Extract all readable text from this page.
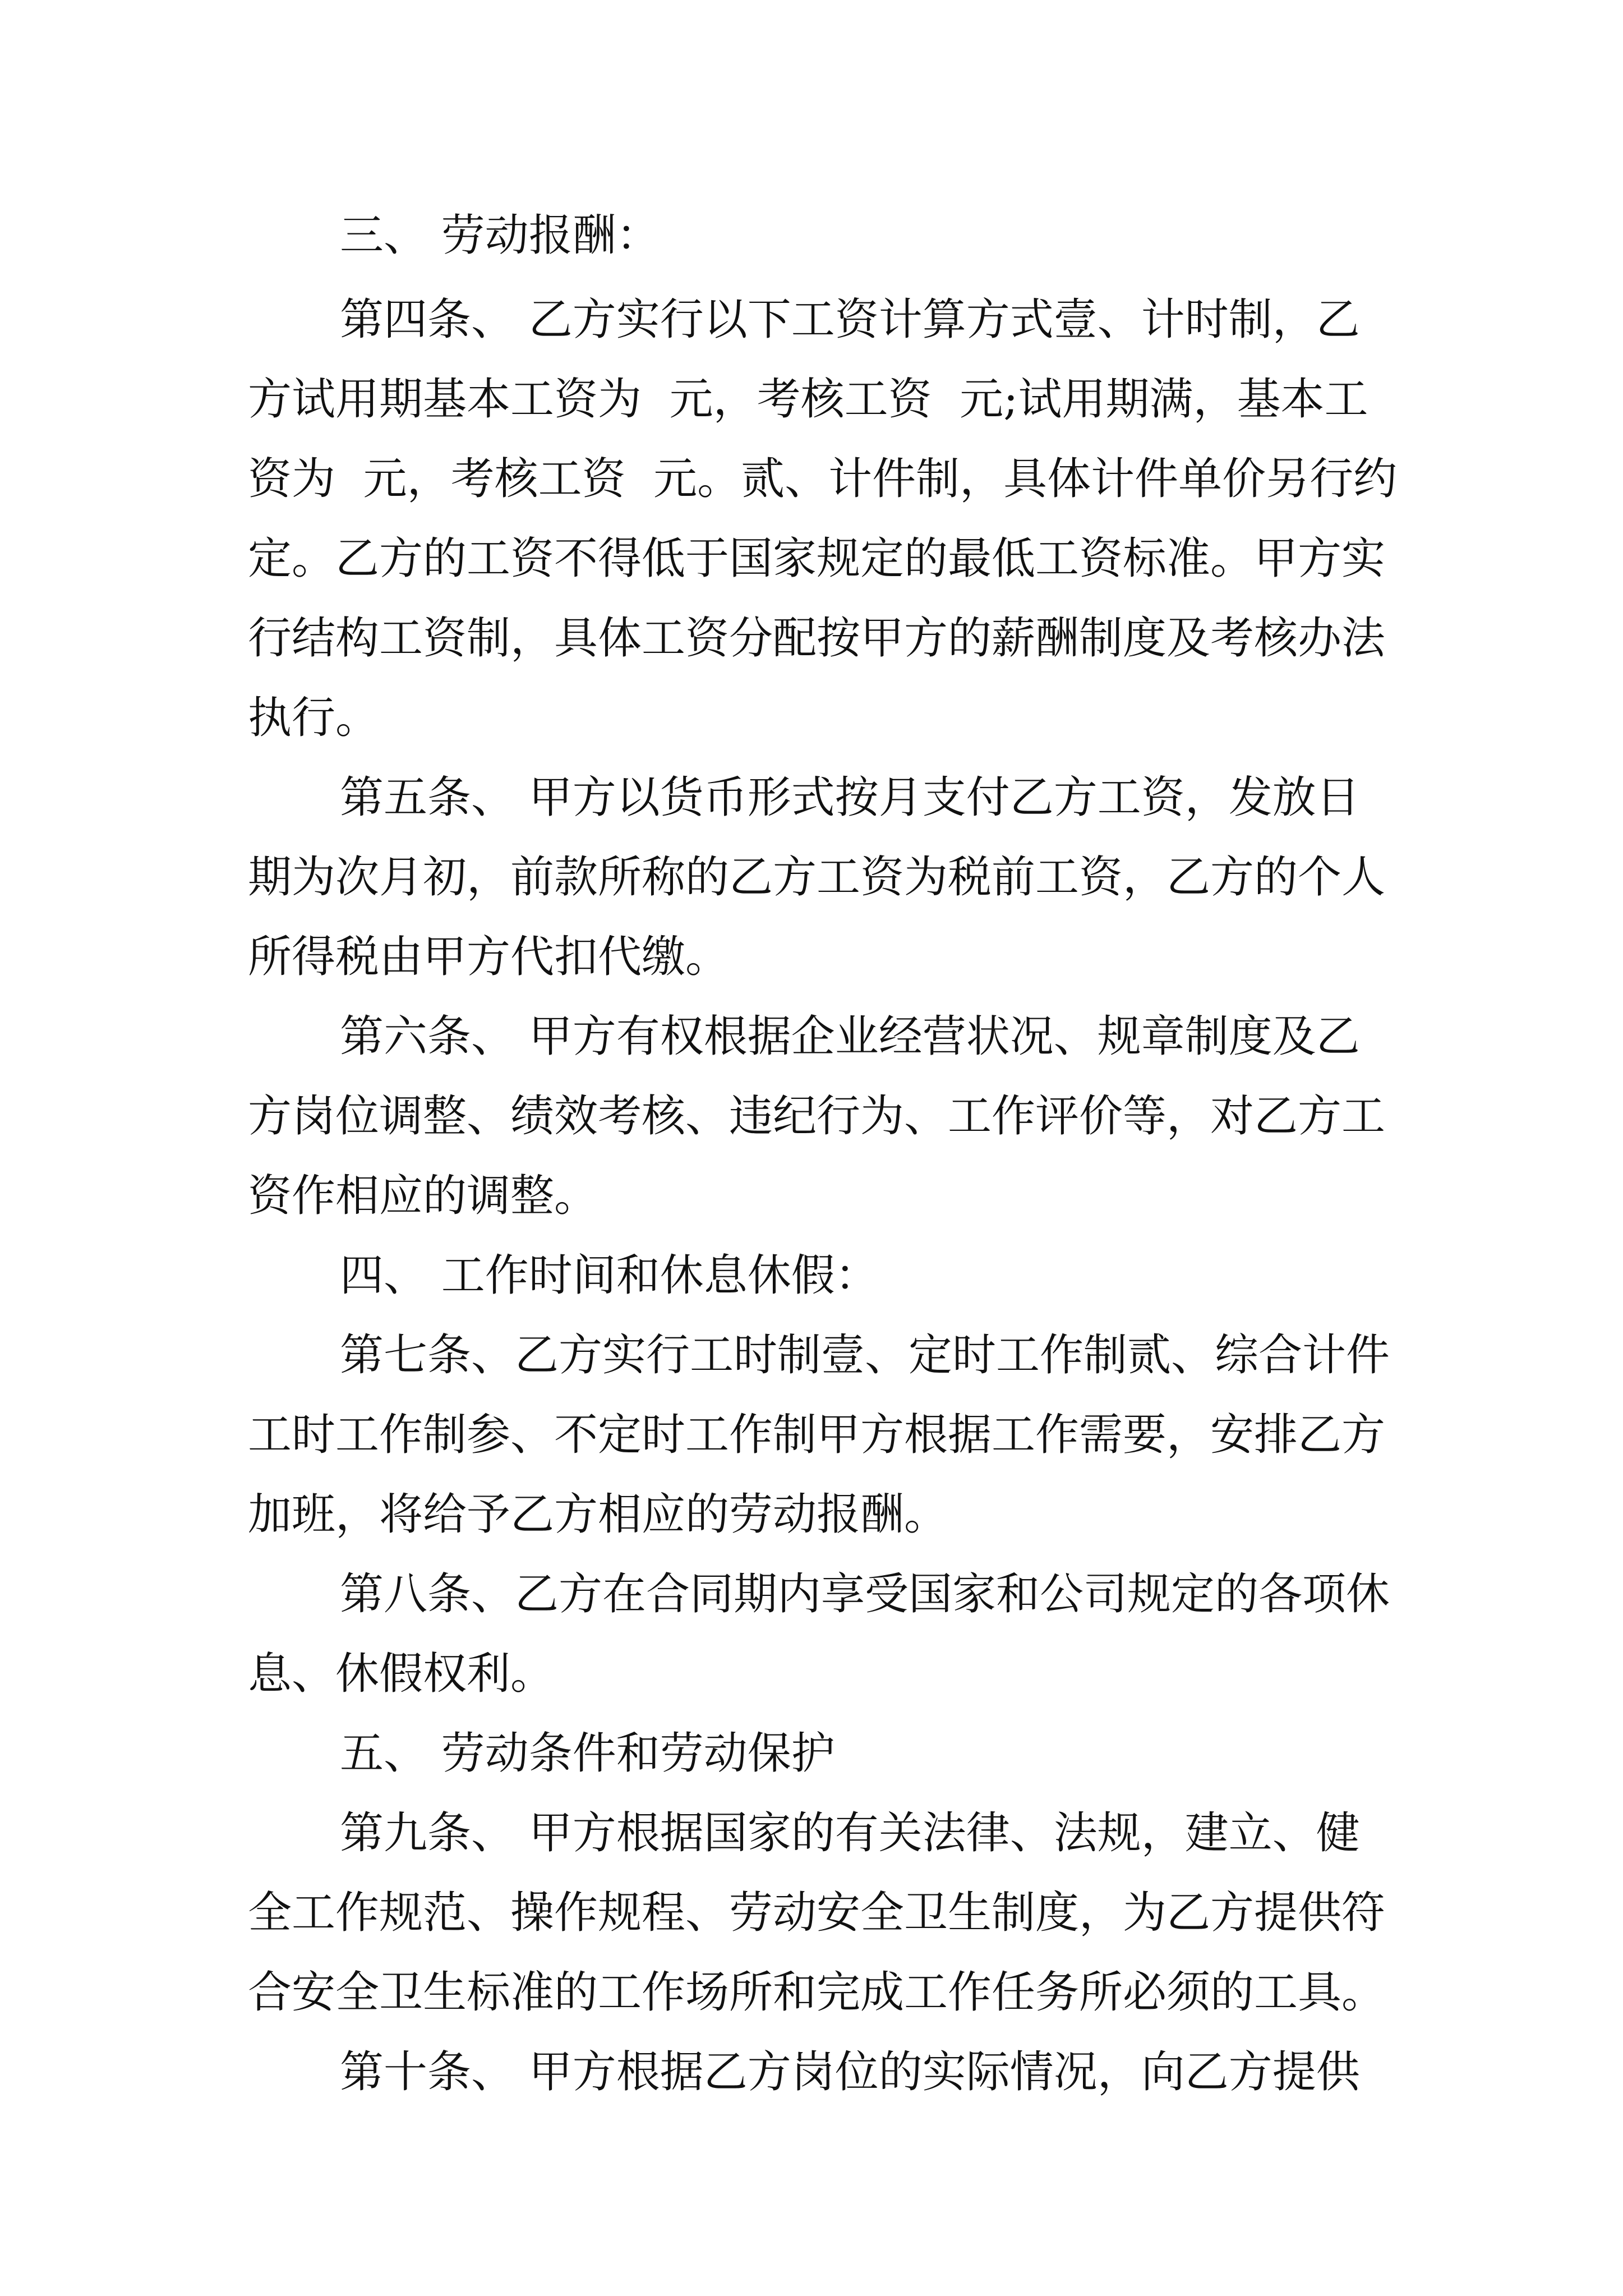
三、 劳动报酬：
第四条、 乙方实行以下工资计算方式壹、计时制，乙
方试用期基本工资为  元，考核工资  元;试用期满，基本工
资为  元，考核工资  元。贰、计件制，具体计件单价另行约
定。乙方的工资不得低于国家规定的最低工资标准。甲方实
行结构工资制，具体工资分配按甲方的薪酬制度及考核办法
执行。
第五条、 甲方以货币形式按月支付乙方工资，发放日
期为次月初，前款所称的乙方工资为税前工资，乙方的个人
所得税由甲方代扣代缴。
第六条、 甲方有权根据企业经营状况、规章制度及乙
方岗位调整、绩效考核、违纪行为、工作评价等，对乙方工
资作相应的调整。
四、 工作时间和休息休假：
第七条、乙方实行工时制壹、定时工作制贰、综合计件
工时工作制参、不定时工作制甲方根据工作需要，安排乙方
加班，将给予乙方相应的劳动报酬。
第八条、乙方在合同期内享受国家和公司规定的各项休
息、休假权利。
五、 劳动条件和劳动保护
第九条、 甲方根据国家的有关法律、法规，建立、健
全工作规范、操作规程、劳动安全卫生制度，为乙方提供符
合安全卫生标准的工作场所和完成工作任务所必须的工具。
第十条、 甲方根据乙方岗位的实际情况，向乙方提供
